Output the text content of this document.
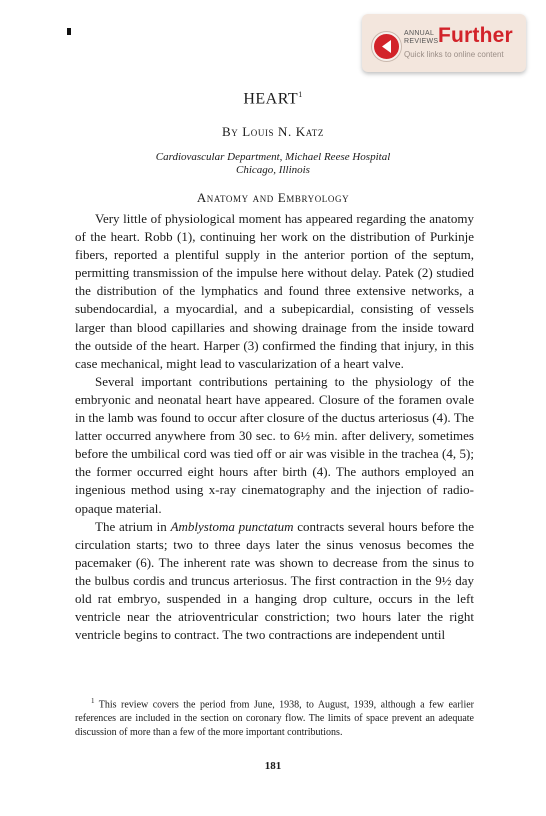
ANNUAL
REVIEWS Further
Quick links to online content
HEART$^1$
By Louis N. Katz
Cardiovascular Department, Michael Reese Hospital
Chicago, Illinois
Anatomy and Embryology

Very little of physiological moment has appeared regarding the anatomy of the heart. Robb (1), continuing her work on the distribution of Purkinje fibers, reported a plentiful supply in the anterior portion of the septum, permitting transmission of the impulse here without delay. Patek (2) studied the distribution of the lymphatics and found three extensive networks, a subendocardial, a myocardial, and a subepicardial, consisting of vessels larger than blood capillaries and showing drainage from the inside toward the outside of the heart. Harper (3) confirmed the finding that injury, in this case mechanical, might lead to vascularization of a heart valve.

Several important contributions pertaining to the physiology of the embryonic and neonatal heart have appeared. Closure of the foramen ovale in the lamb was found to occur after closure of the ductus arteriosus (4). The latter occurred anywhere from 30 sec. to 6½ min. after delivery, sometimes before the umbilical cord was tied off or air was visible in the trachea (4, 5); the former occurred eight hours after birth (4). The authors employed an ingenious method using x-ray cinematography and the injection of radioopaque material.

The atrium in Amblystoma punctatum contracts several hours before the circulation starts; two to three days later the sinus venosus becomes the pacemaker (6). The inherent rate was shown to decrease from the sinus to the bulbus cordis and truncus arteriosus. The first contraction in the 9½ day old rat embryo, suspended in a hanging drop culture, occurs in the left ventricle near the atrioventricular constriction; two hours later the right ventricle begins to contract. The two contractions are independent until

$^1$ This review covers the period from June, 1938, to August, 1939, although a few earlier references are included in the section on coronary flow. The limits of space prevent an adequate discussion of more than a few of the more important contributions.
181
